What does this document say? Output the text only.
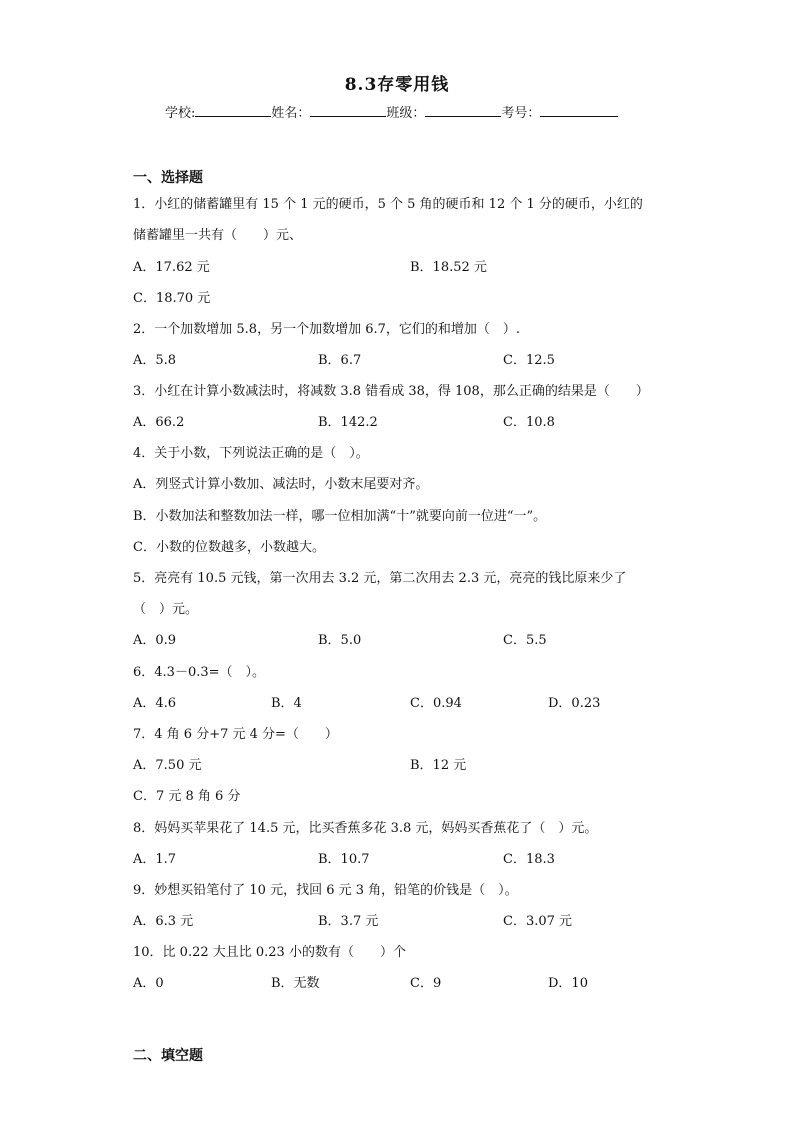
8.3存零用钱
学校:	姓名：	班级：	考号：
一、选择题
1．小红的储蓄罐里有 15 个 1 元的硬币，5 个 5 角的硬币和 12 个 1 分的硬币，小红的
储蓄罐里一共有（　　）元、
A．17.62 元	B．18.52 元
C．18.70 元
2．一个加数增加 5.8，另一个加数增加 6.7，它们的和增加（　）.
A．5.8	B．6.7	C．12.5
3．小红在计算小数减法时，将减数 3.8 错看成 38，得 108，那么正确的结果是（　　）
A．66.2	B．142.2	C．10.8
4．关于小数，下列说法正确的是（　）。
A．列竖式计算小数加、减法时，小数末尾要对齐。
B．小数加法和整数加法一样，哪一位相加满“十”就要向前一位进“一”。
C．小数的位数越多，小数越大。
5．亮亮有 10.5 元钱，第一次用去 3.2 元，第二次用去 2.3 元，亮亮的钱比原来少了
（　）元。
A．0.9	B．5.0	C．5.5
6．4.3－0.3=（　）。
A．4.6	B．4	C．0.94	D．0.23
7．4 角 6 分+7 元 4 分=（　　）
A．7.50 元	B．12 元
C．7 元 8 角 6 分
8．妈妈买苹果花了 14.5 元，比买香蕉多花 3.8 元，妈妈买香蕉花了（　）元。
A．1.7	B．10.7	C．18.3
9．妙想买铅笔付了 10 元，找回 6 元 3 角，铅笔的价钱是（　）。
A．6.3 元	B．3.7 元	C．3.07 元
10．比 0.22 大且比 0.23 小的数有（　　）个
A．0	B．无数	C．9	D．10
二、填空题
